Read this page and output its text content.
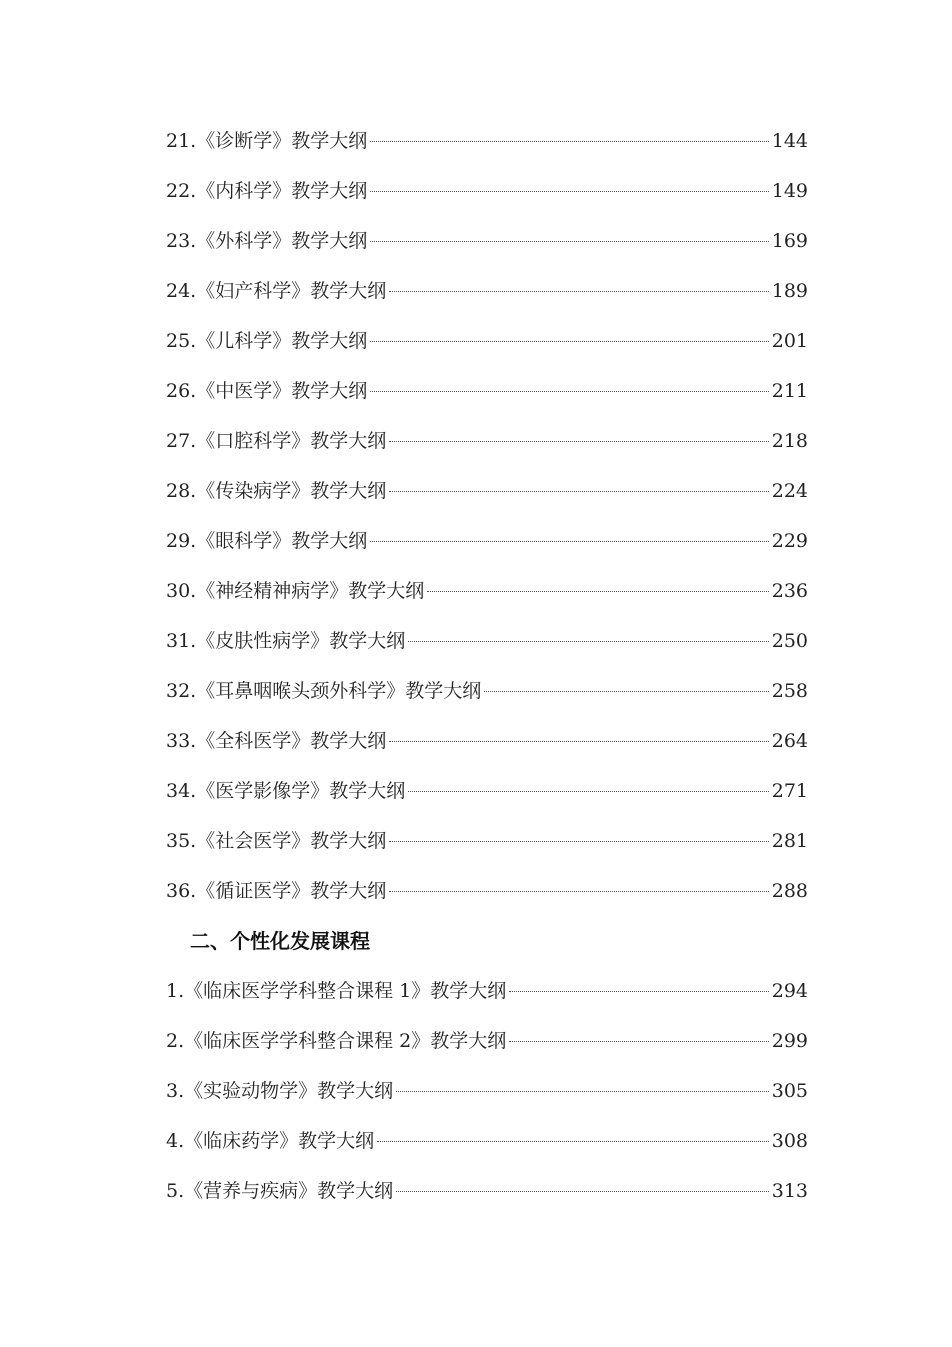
21.《诊断学》教学大纲	144
22.《内科学》教学大纲	149
23.《外科学》教学大纲	169
24.《妇产科学》教学大纲	189
25.《儿科学》教学大纲	201
26.《中医学》教学大纲	211
27.《口腔科学》教学大纲	218
28.《传染病学》教学大纲	224
29.《眼科学》教学大纲	229
30.《神经精神病学》教学大纲	236
31.《皮肤性病学》教学大纲	250
32.《耳鼻咽喉头颈外科学》教学大纲	258
33.《全科医学》教学大纲	264
34.《医学影像学》教学大纲	271
35.《社会医学》教学大纲	281
36.《循证医学》教学大纲	288
二、个性化发展课程
1.《临床医学学科整合课程 1》教学大纲	294
2.《临床医学学科整合课程 2》教学大纲	299
3.《实验动物学》教学大纲	305
4.《临床药学》教学大纲	308
5.《营养与疾病》教学大纲	313
